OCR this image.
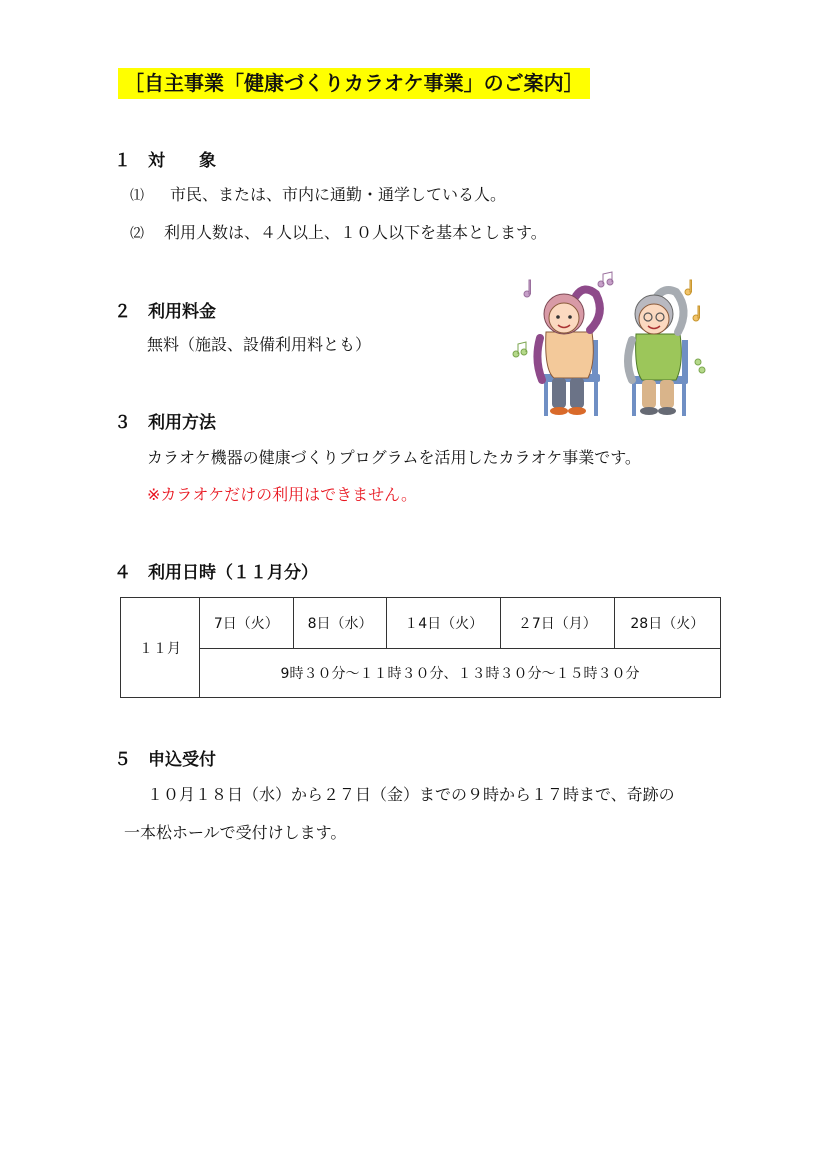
［自主事業「健康づくりカラオケ事業」のご案内］
１ 対　　象
⑴ 市民、または、市内に通勤・通学している人。
⑵ 利用人数は、４人以上、１０人以下を基本とします。
２ 利用料金
無料（施設、設備利用料とも）
３ 利用方法
カラオケ機器の健康づくりプログラムを活用したカラオケ事業です。
※カラオケだけの利用はできません。
４ 利用日時（１１月分）
１１月	7日（火）	8日（水）	１4日（火）	２7日（月）	28日（火）
9時３０分～１１時３０分、１３時３０分～１５時３０分
５ 申込受付
１０月１８日（水）から２７日（金）までの９時から１７時まで、奇跡の
一本松ホールで受付けします。
